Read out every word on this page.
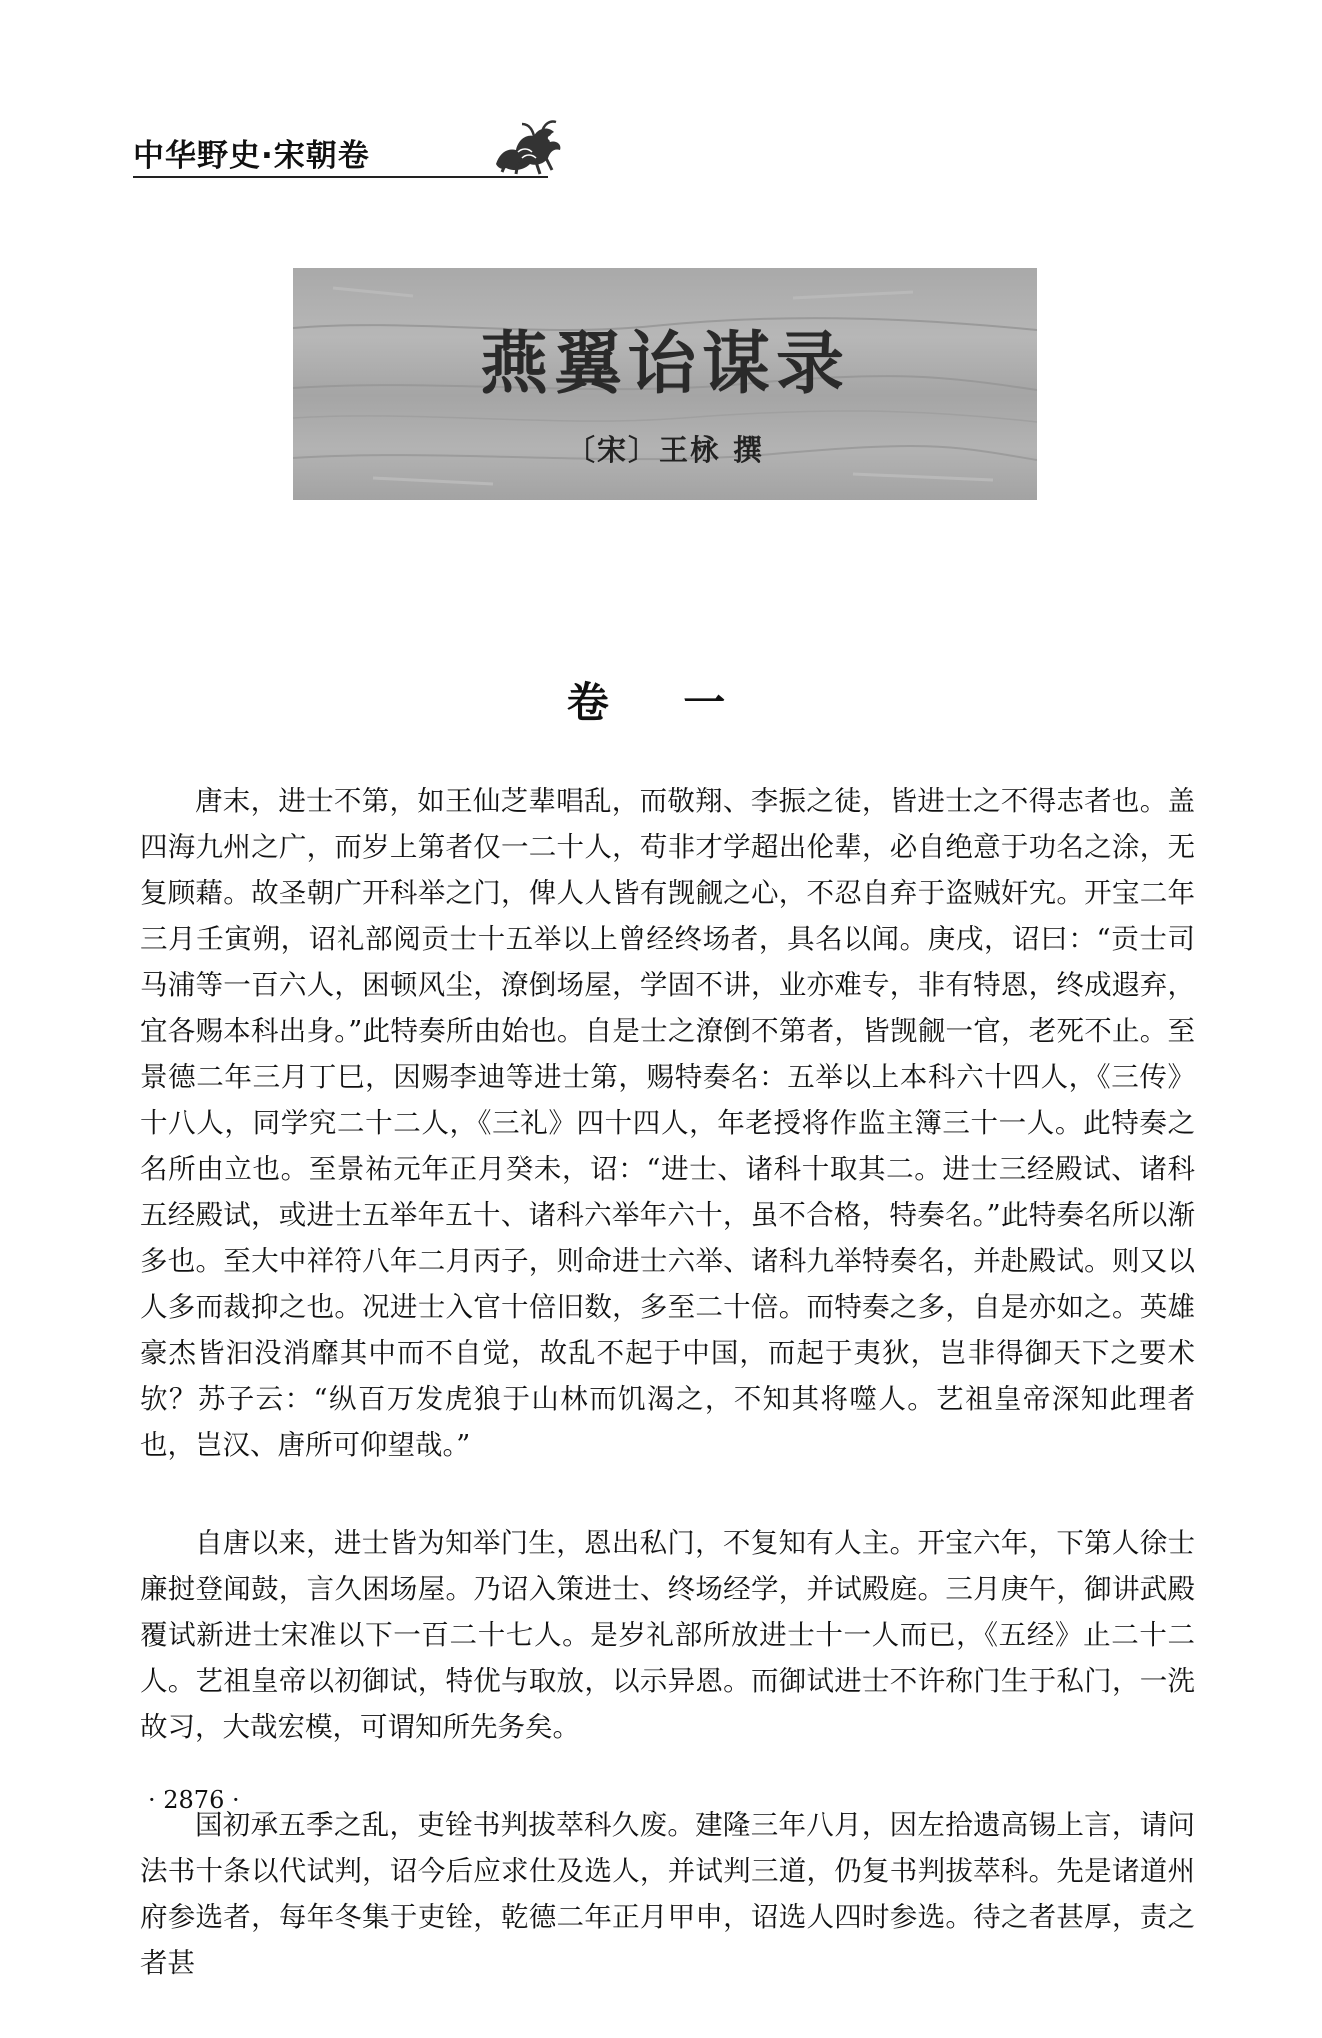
中华野史·宋朝卷
燕翼诒谋录
〔宋〕王栐 撰
卷 一

唐末，进士不第，如王仙芝辈唱乱，而敬翔、李振之徒，皆进士之不得志者也。盖四海九州之广，而岁上第者仅一二十人，苟非才学超出伦辈，必自绝意于功名之涂，无复顾藉。故圣朝广开科举之门，俾人人皆有觊觎之心，不忍自弃于盗贼奸宄。开宝二年三月壬寅朔，诏礼部阅贡士十五举以上曾经终场者，具名以闻。庚戌，诏曰：“贡士司马浦等一百六人，困顿风尘，潦倒场屋，学固不讲，业亦难专，非有特恩，终成遐弃，宜各赐本科出身。”此特奏所由始也。自是士之潦倒不第者，皆觊觎一官，老死不止。至景德二年三月丁巳，因赐李迪等进士第，赐特奏名：五举以上本科六十四人，《三传》十八人，同学究二十二人，《三礼》四十四人，年老授将作监主簿三十一人。此特奏之名所由立也。至景祐元年正月癸未，诏：“进士、诸科十取其二。进士三经殿试、诸科五经殿试，或进士五举年五十、诸科六举年六十，虽不合格，特奏名。”此特奏名所以渐多也。至大中祥符八年二月丙子，则命进士六举、诸科九举特奏名，并赴殿试。则又以人多而裁抑之也。况进士入官十倍旧数，多至二十倍。而特奏之多，自是亦如之。英雄豪杰皆汩没消靡其中而不自觉，故乱不起于中国，而起于夷狄，岂非得御天下之要术欤？苏子云：“纵百万发虎狼于山林而饥渴之，不知其将噬人。艺祖皇帝深知此理者也，岂汉、唐所可仰望哉。”

自唐以来，进士皆为知举门生，恩出私门，不复知有人主。开宝六年，下第人徐士廉挝登闻鼓，言久困场屋。乃诏入策进士、终场经学，并试殿庭。三月庚午，御讲武殿覆试新进士宋准以下一百二十七人。是岁礼部所放进士十一人而已，《五经》止二十二人。艺祖皇帝以初御试，特优与取放，以示异恩。而御试进士不许称门生于私门，一洗故习，大哉宏模，可谓知所先务矣。

国初承五季之乱，吏铨书判拔萃科久废。建隆三年八月，因左拾遗高锡上言，请问法书十条以代试判，诏今后应求仕及选人，并试判三道，仍复书判拔萃科。先是诸道州府参选者，每年冬集于吏铨，乾德二年正月甲申，诏选人四时参选。待之者甚厚，责之者甚

· 2876 ·
